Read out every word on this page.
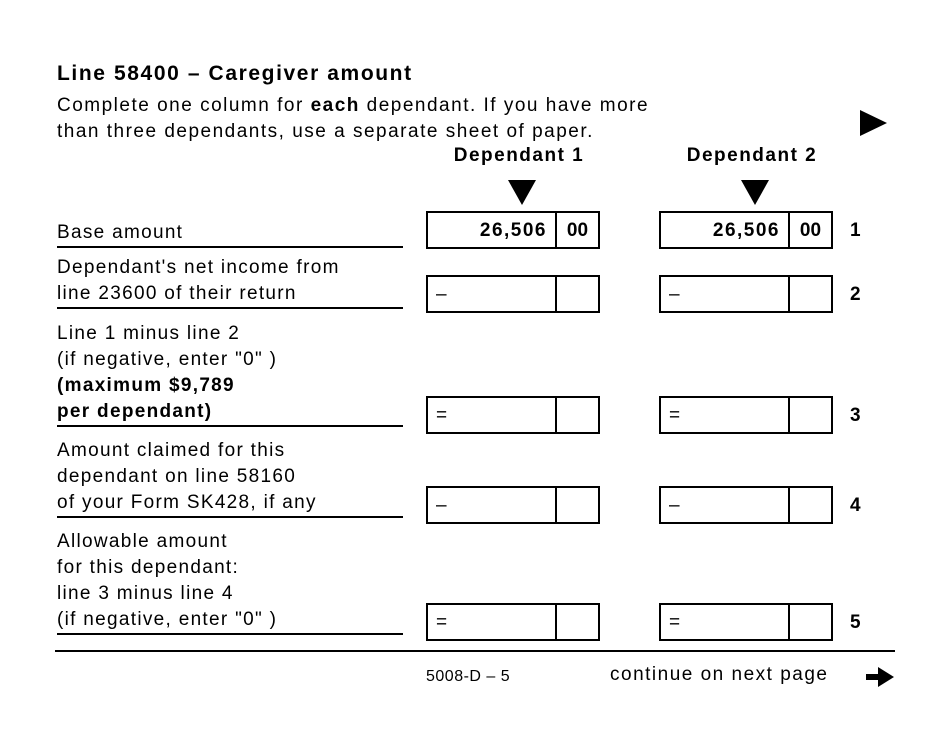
Line 58400 – Caregiver amount
Complete one column for each dependant. If you have more
than three dependants, use a separate sheet of paper.
Dependant 1	Dependant 2
Base amount	26,506	00	26,506	00	1
Dependant's net income from
line 23600 of their return	–	–	2
Line 1 minus line 2
(if negative, enter "0" )
(maximum $9,789
per dependant)	=	=	3
Amount claimed for this
dependant on line 58160
of your Form SK428, if any	–	–	4
Allowable amount
for this dependant:
line 3 minus line 4
(if negative, enter "0" )	=	=	5
5008-D – 5	continue on next page
